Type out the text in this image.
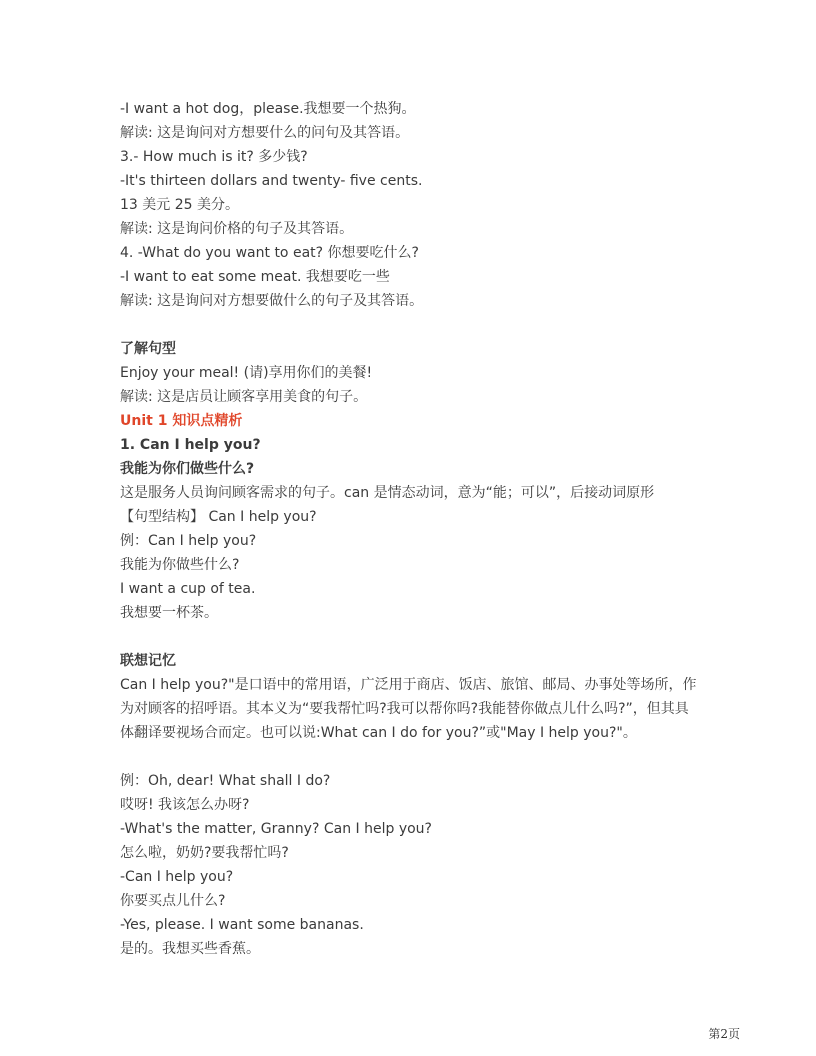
-I want a hot dog，please.我想要一个热狗。
解读: 这是询问对方想要什么的问句及其答语。
3.- How much is it? 多少钱?
-It's thirteen dollars and twenty- five cents.
13 美元 25 美分。
解读: 这是询问价格的句子及其答语。
4. -What do you want to eat? 你想要吃什么?
-I want to eat some meat. 我想要吃一些
解读: 这是询问对方想要做什么的句子及其答语。
了解句型
Enjoy your meal! (请)享用你们的美餐!
解读: 这是店员让顾客享用美食的句子。
Unit 1 知识点精析
1. Can I help you?
我能为你们做些什么?
这是服务人员询问顾客需求的句子。can 是情态动词，意为“能；可以”，后接动词原形
【句型结构】 Can I help you?
例：Can I help you?
我能为你做些什么?
I want a cup of tea.
我想要一杯茶。
联想记忆
Can I help you?"是口语中的常用语，广泛用于商店、饭店、旅馆、邮局、办事处等场所，作为对顾客的招呼语。其本义为“要我帮忙吗?我可以帮你吗?我能替你做点儿什么吗?”，但其具体翻译要视场合而定。也可以说:What can I do for you?”或"May I help you?"。
例：Oh, dear! What shall I do?
哎呀! 我该怎么办呀?
-What's the matter, Granny? Can I help you?
怎么啦，奶奶?要我帮忙吗?
-Can I help you?
你要买点儿什么?
-Yes, please. I want some bananas.
是的。我想买些香蕉。
第2页
